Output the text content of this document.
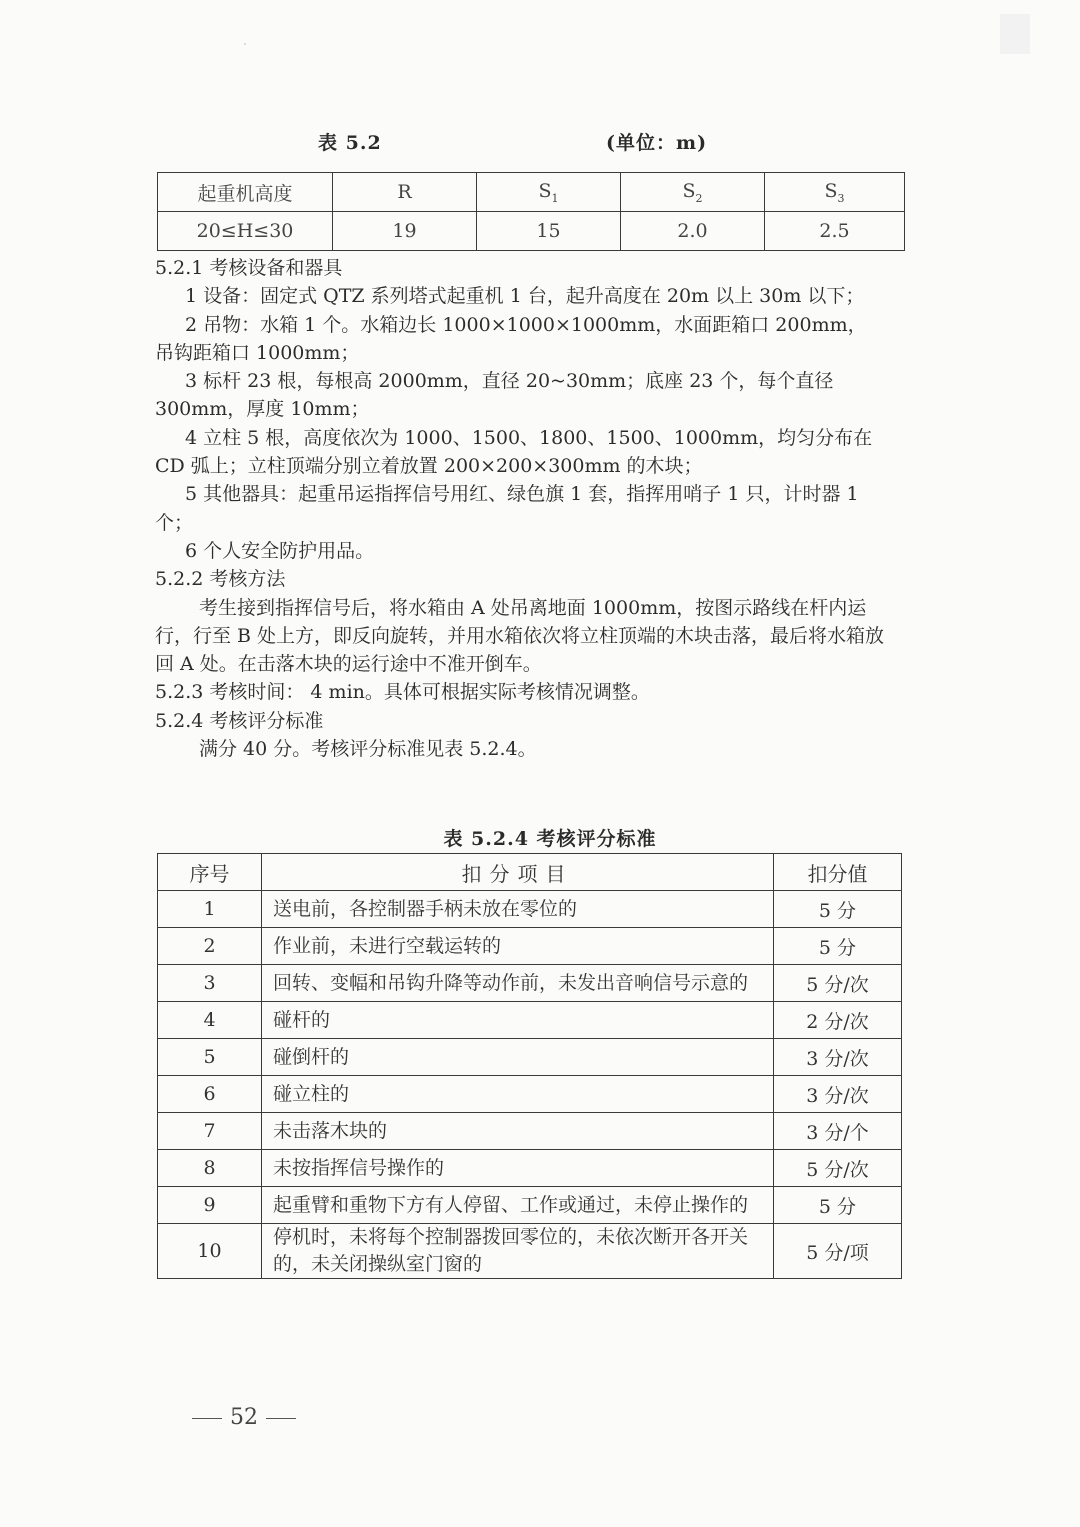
表 5.2	(单位：m)
起重机高度	R	$S_1$	$S_2$	$S_3$
20≤H≤30	19	15	2.0	2.5

5.2.1 考核设备和器具

1 设备：固定式 QTZ 系列塔式起重机 1 台，起升高度在 20m 以上 30m 以下；

2 吊物：水箱 1 个。水箱边长 1000×1000×1000mm，水面距箱口 200mm，吊钩距箱口 1000mm；

3 标杆 23 根，每根高 2000mm，直径 20~30mm；底座 23 个，每个直径 300mm，厚度 10mm；

4 立柱 5 根，高度依次为 1000、1500、1800、1500、1000mm，均匀分布在 CD 弧上；立柱顶端分别立着放置 200×200×300mm 的木块；

5 其他器具：起重吊运指挥信号用红、绿色旗 1 套，指挥用哨子 1 只，计时器 1 个；

6 个人安全防护用品。

5.2.2 考核方法

考生接到指挥信号后，将水箱由 A 处吊离地面 1000mm，按图示路线在杆内运行，行至 B 处上方，即反向旋转，并用水箱依次将立柱顶端的木块击落，最后将水箱放回 A 处。在击落木块的运行途中不准开倒车。

5.2.3 考核时间： 4 min。具体可根据实际考核情况调整。

5.2.4 考核评分标准

满分 40 分。考核评分标准见表 5.2.4。

表 5.2.4 考核评分标准
序号	扣分项目	扣分值
1	送电前，各控制器手柄未放在零位的	5 分
2	作业前，未进行空载运转的	5 分
3	回转、变幅和吊钩升降等动作前，未发出音响信号示意的	5 分/次
4	碰杆的	2 分/次
5	碰倒杆的	3 分/次
6	碰立柱的	3 分/次
7	未击落木块的	3 分/个
8	未按指挥信号操作的	5 分/次
9	起重臂和重物下方有人停留、工作或通过，未停止操作的	5 分
10	停机时，未将每个控制器拨回零位的，未依次断开各开关的，未关闭操纵室门窗的	5 分/项
52
